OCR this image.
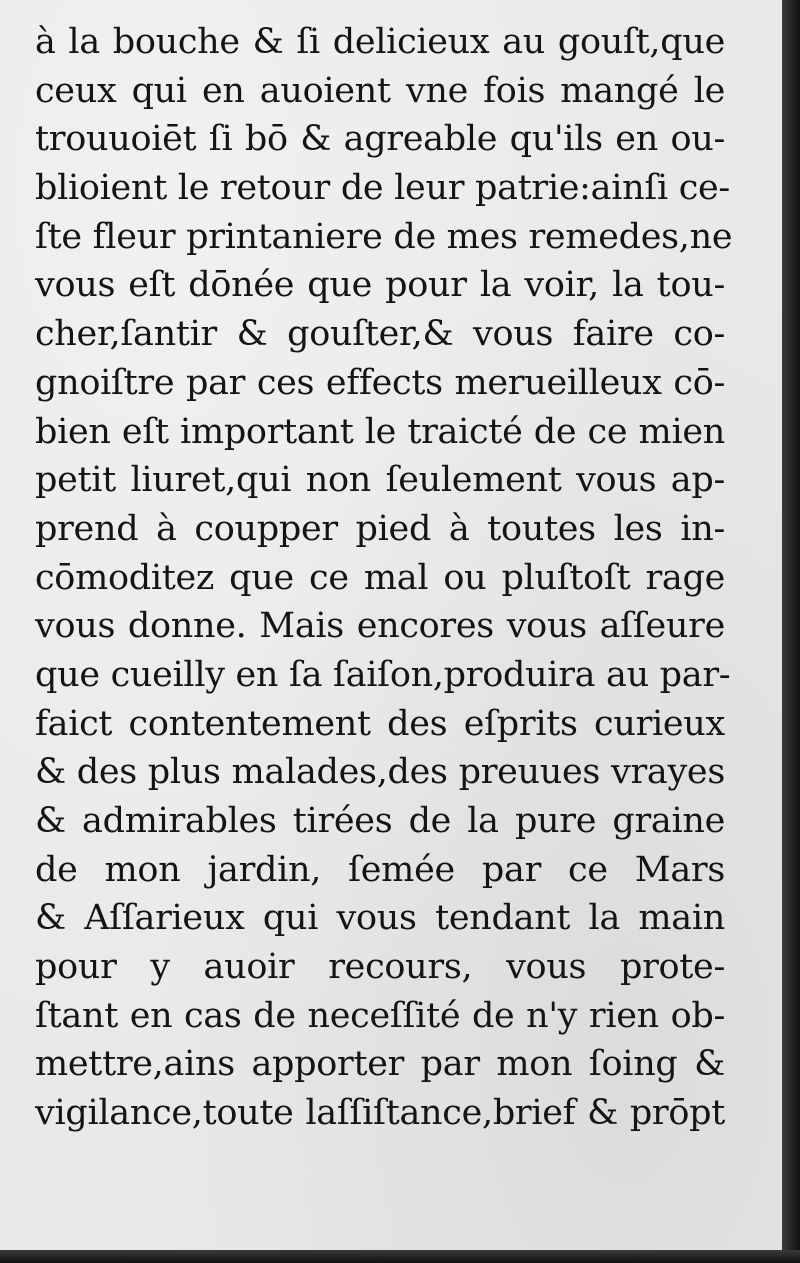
à la bouche & ſi delicieux au gouſt,que
ceux qui en auoient vne fois mangé le
trouuoiēt ſi bō & agreable qu'ils en ou-
blioient le retour de leur patrie:ainſi ce-
ſte fleur printaniere de mes remedes,ne
vous eſt dōnée que pour la voir, la tou-
cher,ſantir & gouſter,& vous faire co-
gnoiſtre par ces effects merueilleux cō-
bien eſt important le traicté de ce mien
petit liuret,qui non ſeulement vous ap-
prend à coupper pied à toutes les in-
cōmoditez que ce mal ou pluſtoſt rage
vous donne. Mais encores vous aſſeure
que cueilly en ſa ſaiſon,produira au par-
faict contentement des eſprits curieux
& des plus malades,des preuues vrayes
& admirables tirées de la pure graine
de mon jardin, ſemée par ce Mars
& Aſſarieux qui vous tendant la main
pour y auoir recours, vous prote-
ſtant en cas de neceſſité de n'y rien ob-
mettre,ains apporter par mon ſoing &
vigilance,toute laſſiſtance,brief & prōpt
